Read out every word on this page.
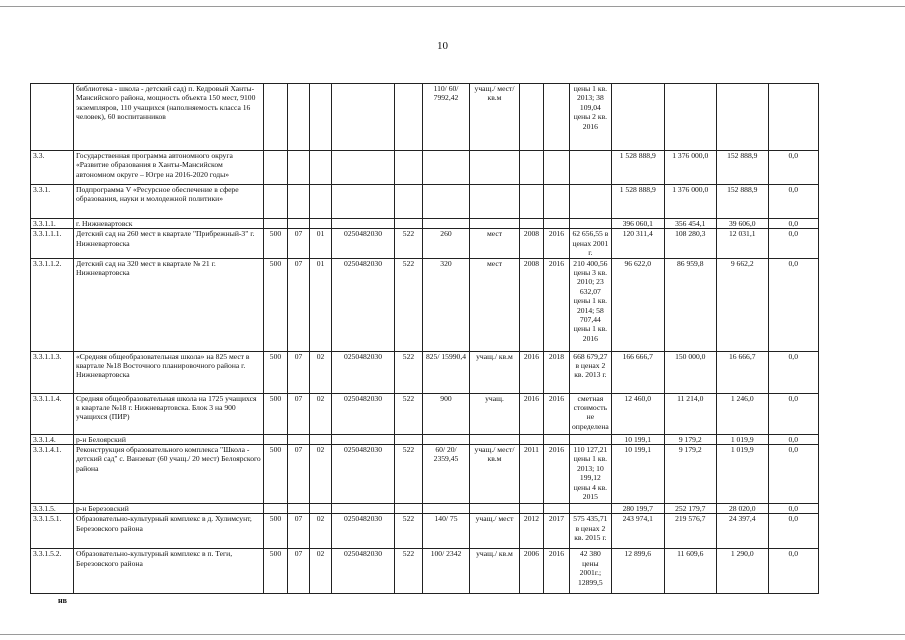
10
	библиотека - школа - детский сад) п. Кедровый Ханты-Мансийского района, мощность объекта 150 мест, 9100 экземпляров, 110 учащихся (наполняемость класса 16 человек), 60 воспитанников						110/ 60/ 7992,42	учащ./ мест/ кв.м			цены 1 кв. 2013; 38 109,04 цены 2 кв. 2016				
3.3.	Государственная программа автономного округа «Развитие образования в Ханты-Мансийском автономном округе – Югре на 2016-2020 годы»											1 528 888,9	1 376 000,0	152 888,9	0,0
3.3.1.	Подпрограмма V «Ресурсное обеспечение в сфере образования, науки и молодежной политики»											1 528 888,9	1 376 000,0	152 888,9	0,0
3.3.1.1.	г. Нижневартовск											396 060,1	356 454,1	39 606,0	0,0
3.3.1.1.1.	Детский сад на 260 мест в квартале "Прибрежный-3" г. Нижневартовска	500	07	01	0250482030	522	260	мест	2008	2016	62 656,55 в ценах 2001 г.	120 311,4	108 280,3	12 031,1	0,0
3.3.1.1.2.	Детский сад на 320 мест в квартале № 21 г. Нижневартовска	500	07	01	0250482030	522	320	мест	2008	2016	210 400,56 цены 3 кв. 2010; 23 632,07 цены 1 кв. 2014; 58 707,44 цены 1 кв. 2016	96 622,0	86 959,8	9 662,2	0,0
3.3.1.1.3.	«Средняя общеобразовательная школа» на 825 мест в квартале №18 Восточного планировочного района г. Нижневартовска	500	07	02	0250482030	522	825/ 15990,4	учащ./ кв.м	2016	2018	668 679,27 в ценах 2 кв. 2013 г.	166 666,7	150 000,0	16 666,7	0,0
3.3.1.1.4.	Средняя общеобразовательная школа на 1725 учащихся в квартале №18 г. Нижневартовска. Блок 3 на 900 учащихся (ПИР)	500	07	02	0250482030	522	900	учащ.	2016	2016	сметная стоимость не определена	12 460,0	11 214,0	1 246,0	0,0
3.3.1.4.	р-н Белоярский											10 199,1	9 179,2	1 019,9	0,0
3.3.1.4.1.	Реконструкция образовательного комплекса "Школа - детский сад" с. Ванзеват (60 учащ./ 20 мест) Белоярского района	500	07	02	0250482030	522	60/ 20/ 2359,45	учащ./ мест/ кв.м	2011	2016	110 127,21 цены 1 кв. 2013; 10 199,12 цены 4 кв. 2015	10 199,1	9 179,2	1 019,9	0,0
3.3.1.5.	р-н Березовский											280 199,7	252 179,7	28 020,0	0,0
3.3.1.5.1.	Образовательно-культурный комплекс в д. Хулимсунт, Березовского района	500	07	02	0250482030	522	140/ 75	учащ./ мест	2012	2017	575 435,71 в ценах 2 кв. 2015 г.	243 974,1	219 576,7	24 397,4	0,0
3.3.1.5.2.	Образовательно-культурный комплекс в п. Теги, Березовского района	500	07	02	0250482030	522	100/ 2342	учащ./ кв.м	2006	2016	42 380 цены 2001г.; 12899,5	12 899,6	11 609,6	1 290,0	0,0
нв
